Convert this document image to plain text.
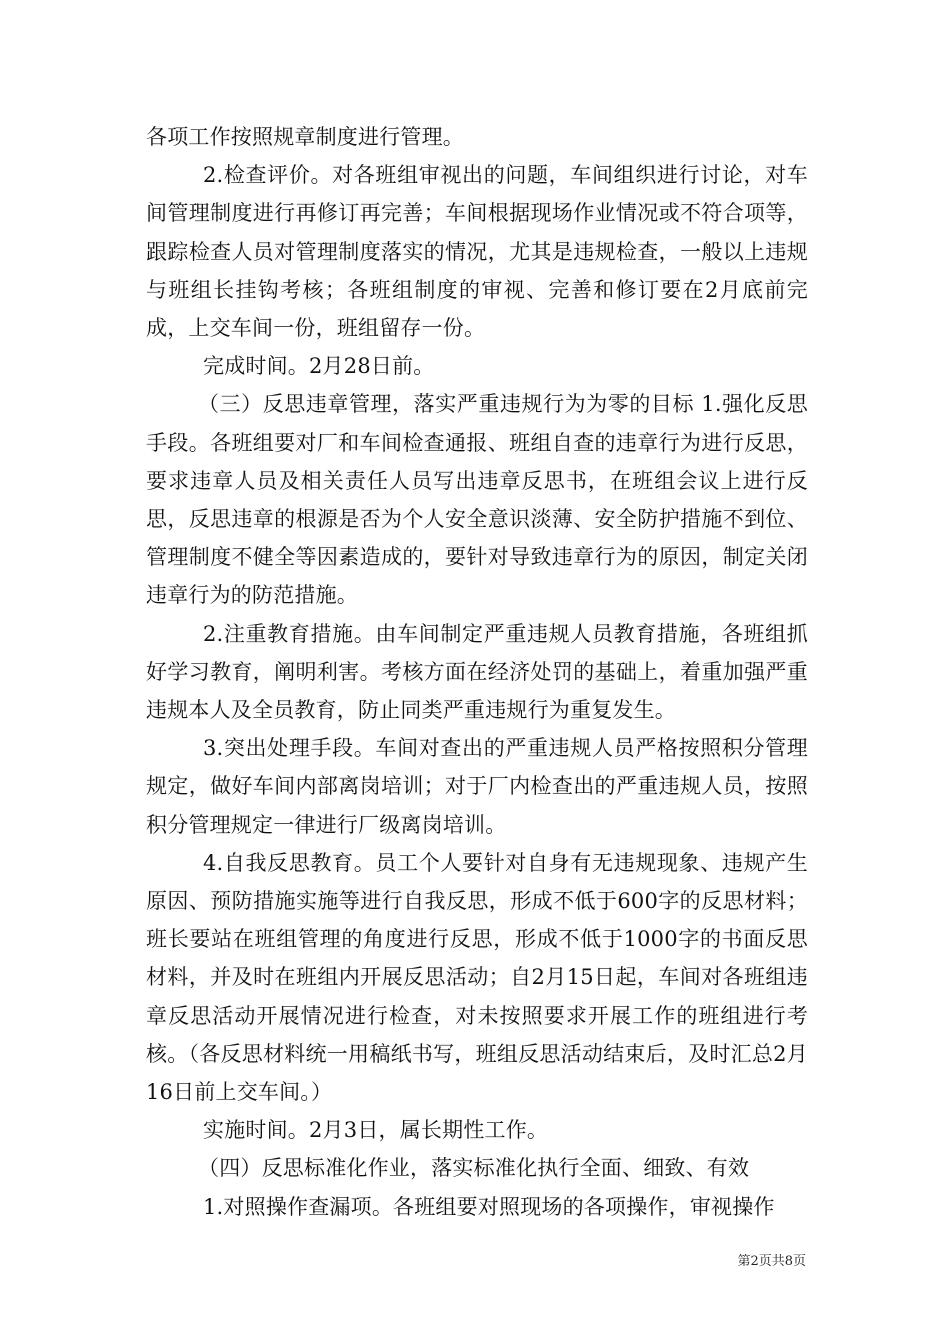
各项工作按照规章制度进行管理。

2.检查评价。对各班组审视出的问题，车间组织进行讨论，对车间管理制度进行再修订再完善；车间根据现场作业情况或不符合项等，跟踪检查人员对管理制度落实的情况，尤其是违规检查，一般以上违规与班组长挂钩考核；各班组制度的审视、完善和修订要在2月底前完成，上交车间一份，班组留存一份。

完成时间。2月28日前。

（三）反思违章管理，落实严重违规行为为零的目标 1.强化反思手段。各班组要对厂和车间检查通报、班组自查的违章行为进行反思，要求违章人员及相关责任人员写出违章反思书，在班组会议上进行反思，反思违章的根源是否为个人安全意识淡薄、安全防护措施不到位、管理制度不健全等因素造成的，要针对导致违章行为的原因，制定关闭违章行为的防范措施。

2.注重教育措施。由车间制定严重违规人员教育措施，各班组抓好学习教育，阐明利害。考核方面在经济处罚的基础上，着重加强严重违规本人及全员教育，防止同类严重违规行为重复发生。

3.突出处理手段。车间对查出的严重违规人员严格按照积分管理规定，做好车间内部离岗培训；对于厂内检查出的严重违规人员，按照积分管理规定一律进行厂级离岗培训。

4.自我反思教育。员工个人要针对自身有无违规现象、违规产生原因、预防措施实施等进行自我反思，形成不低于600字的反思材料；班长要站在班组管理的角度进行反思，形成不低于1000字的书面反思材料，并及时在班组内开展反思活动；自2月15日起，车间对各班组违章反思活动开展情况进行检查，对未按照要求开展工作的班组进行考核。（各反思材料统一用稿纸书写，班组反思活动结束后，及时汇总2月16日前上交车间。）

实施时间。2月3日，属长期性工作。

（四）反思标准化作业，落实标准化执行全面、细致、有效

1.对照操作查漏项。各班组要对照现场的各项操作，审视操作

第2页共8页
